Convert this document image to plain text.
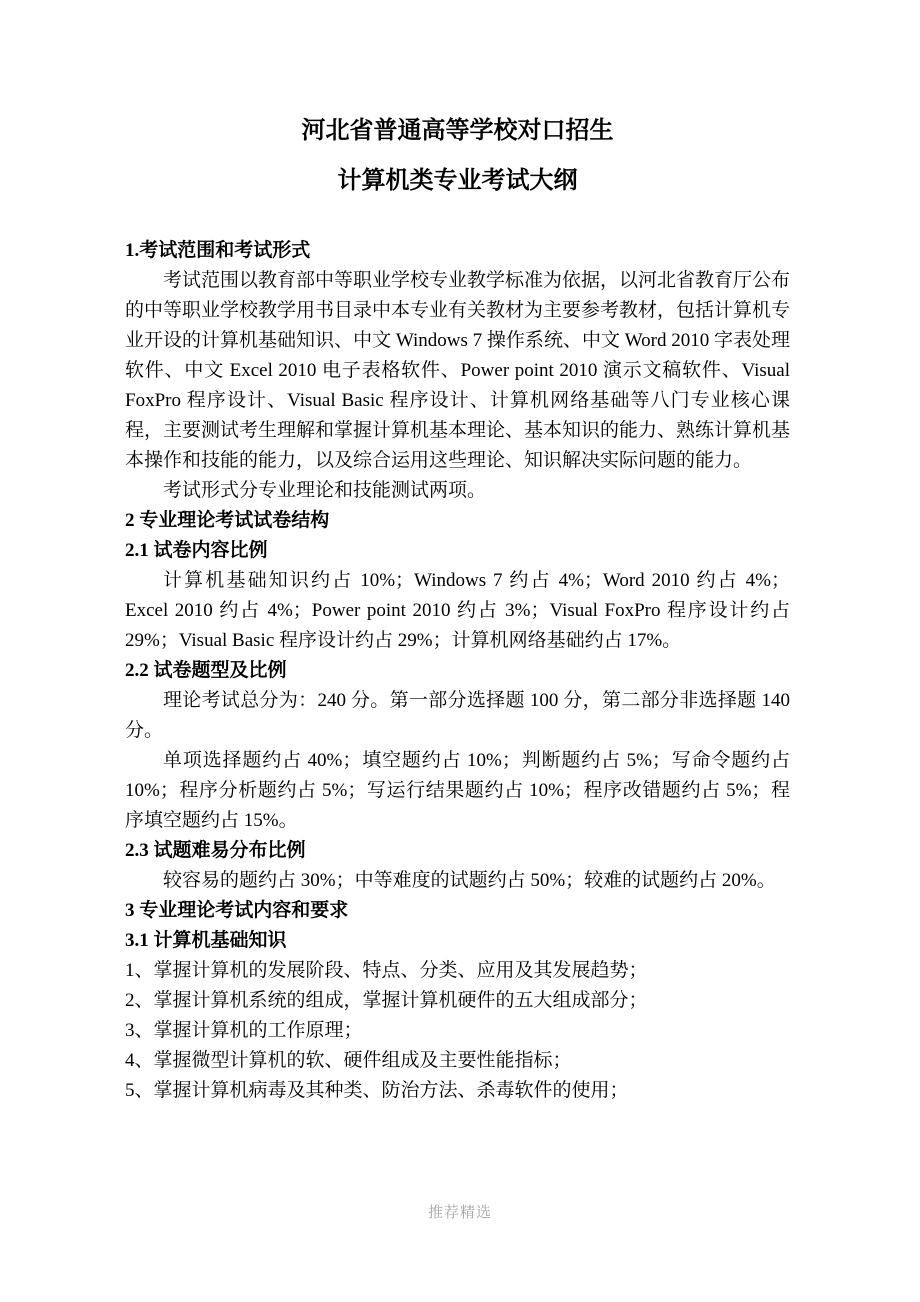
河北省普通高等学校对口招生
计算机类专业考试大纲
1.考试范围和考试形式
考试范围以教育部中等职业学校专业教学标准为依据，以河北省教育厅公布的中等职业学校教学用书目录中本专业有关教材为主要参考教材，包括计算机专业开设的计算机基础知识、中文 Windows 7 操作系统、中文 Word 2010 字表处理软件、中文 Excel 2010 电子表格软件、Power point 2010 演示文稿软件、Visual FoxPro 程序设计、Visual Basic 程序设计、计算机网络基础等八门专业核心课程，主要测试考生理解和掌握计算机基本理论、基本知识的能力、熟练计算机基本操作和技能的能力，以及综合运用这些理论、知识解决实际问题的能力。
考试形式分专业理论和技能测试两项。
2 专业理论考试试卷结构
2.1 试卷内容比例
计算机基础知识约占 10%；Windows 7 约占 4%；Word 2010 约占 4%；Excel 2010 约占 4%；Power point 2010 约占 3%；Visual FoxPro 程序设计约占 29%；Visual Basic 程序设计约占 29%；计算机网络基础约占 17%。
2.2 试卷题型及比例
理论考试总分为：240 分。第一部分选择题 100 分，第二部分非选择题 140 分。
单项选择题约占 40%；填空题约占 10%；判断题约占 5%；写命令题约占 10%；程序分析题约占 5%；写运行结果题约占 10%；程序改错题约占 5%；程序填空题约占 15%。
2.3 试题难易分布比例
较容易的题约占 30%；中等难度的试题约占 50%；较难的试题约占 20%。
3 专业理论考试内容和要求
3.1 计算机基础知识
1、掌握计算机的发展阶段、特点、分类、应用及其发展趋势；
2、掌握计算机系统的组成，掌握计算机硬件的五大组成部分；
3、掌握计算机的工作原理；
4、掌握微型计算机的软、硬件组成及主要性能指标；
5、掌握计算机病毒及其种类、防治方法、杀毒软件的使用；
推荐精选
